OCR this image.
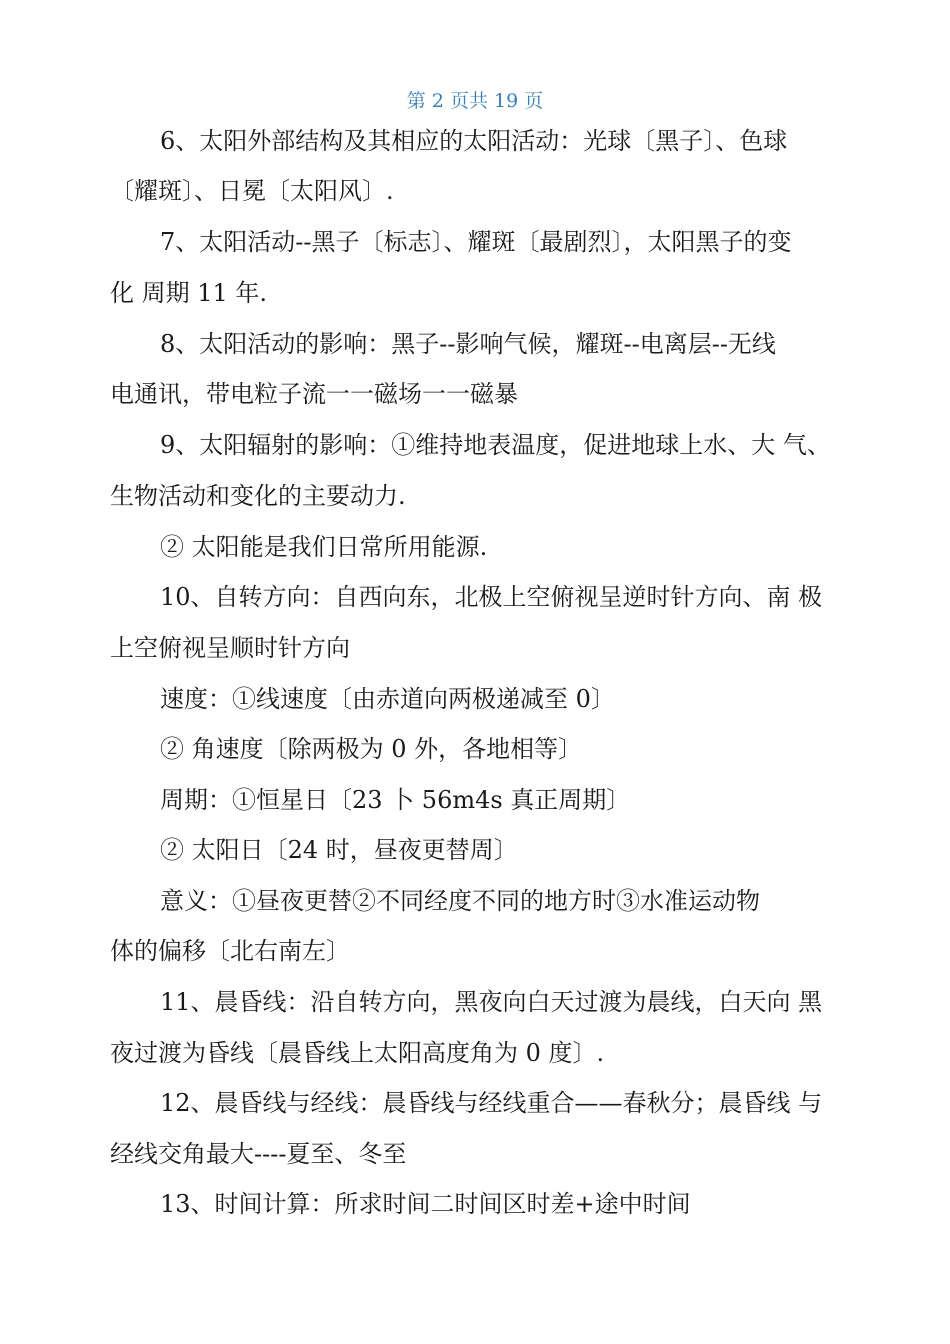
第 2 页共 19 页
6、太阳外部结构及其相应的太阳活动：光球〔黑子〕、色球
〔耀斑〕、日冕〔太阳风〕.
7、太阳活动--黑子〔标志〕、耀斑〔最剧烈〕，太阳黑子的变
化 周期 11 年.
8、太阳活动的影响：黑子--影响气候，耀斑--电离层--无线
电通讯，带电粒子流一一磁场一一磁暴
9、太阳辐射的影响：①维持地表温度，促进地球上水、大 气、
生物活动和变化的主要动力.
② 太阳能是我们日常所用能源.
10、自转方向：自西向东，北极上空俯视呈逆时针方向、南 极
上空俯视呈顺时针方向
速度：①线速度〔由赤道向两极递减至 0〕
② 角速度〔除两极为 0 外，各地相等〕
周期：①恒星日〔23 卜 56m4s 真正周期〕
② 太阳日〔24 时，昼夜更替周〕
意义：①昼夜更替②不同经度不同的地方时③水准运动物
体的偏移〔北右南左〕
11、晨昏线：沿自转方向，黑夜向白天过渡为晨线，白天向 黑
夜过渡为昏线〔晨昏线上太阳高度角为 0 度〕.
12、晨昏线与经线：晨昏线与经线重合——春秋分；晨昏线 与
经线交角最大----夏至、冬至
13、时间计算：所求时间二时间区时差+途中时间
